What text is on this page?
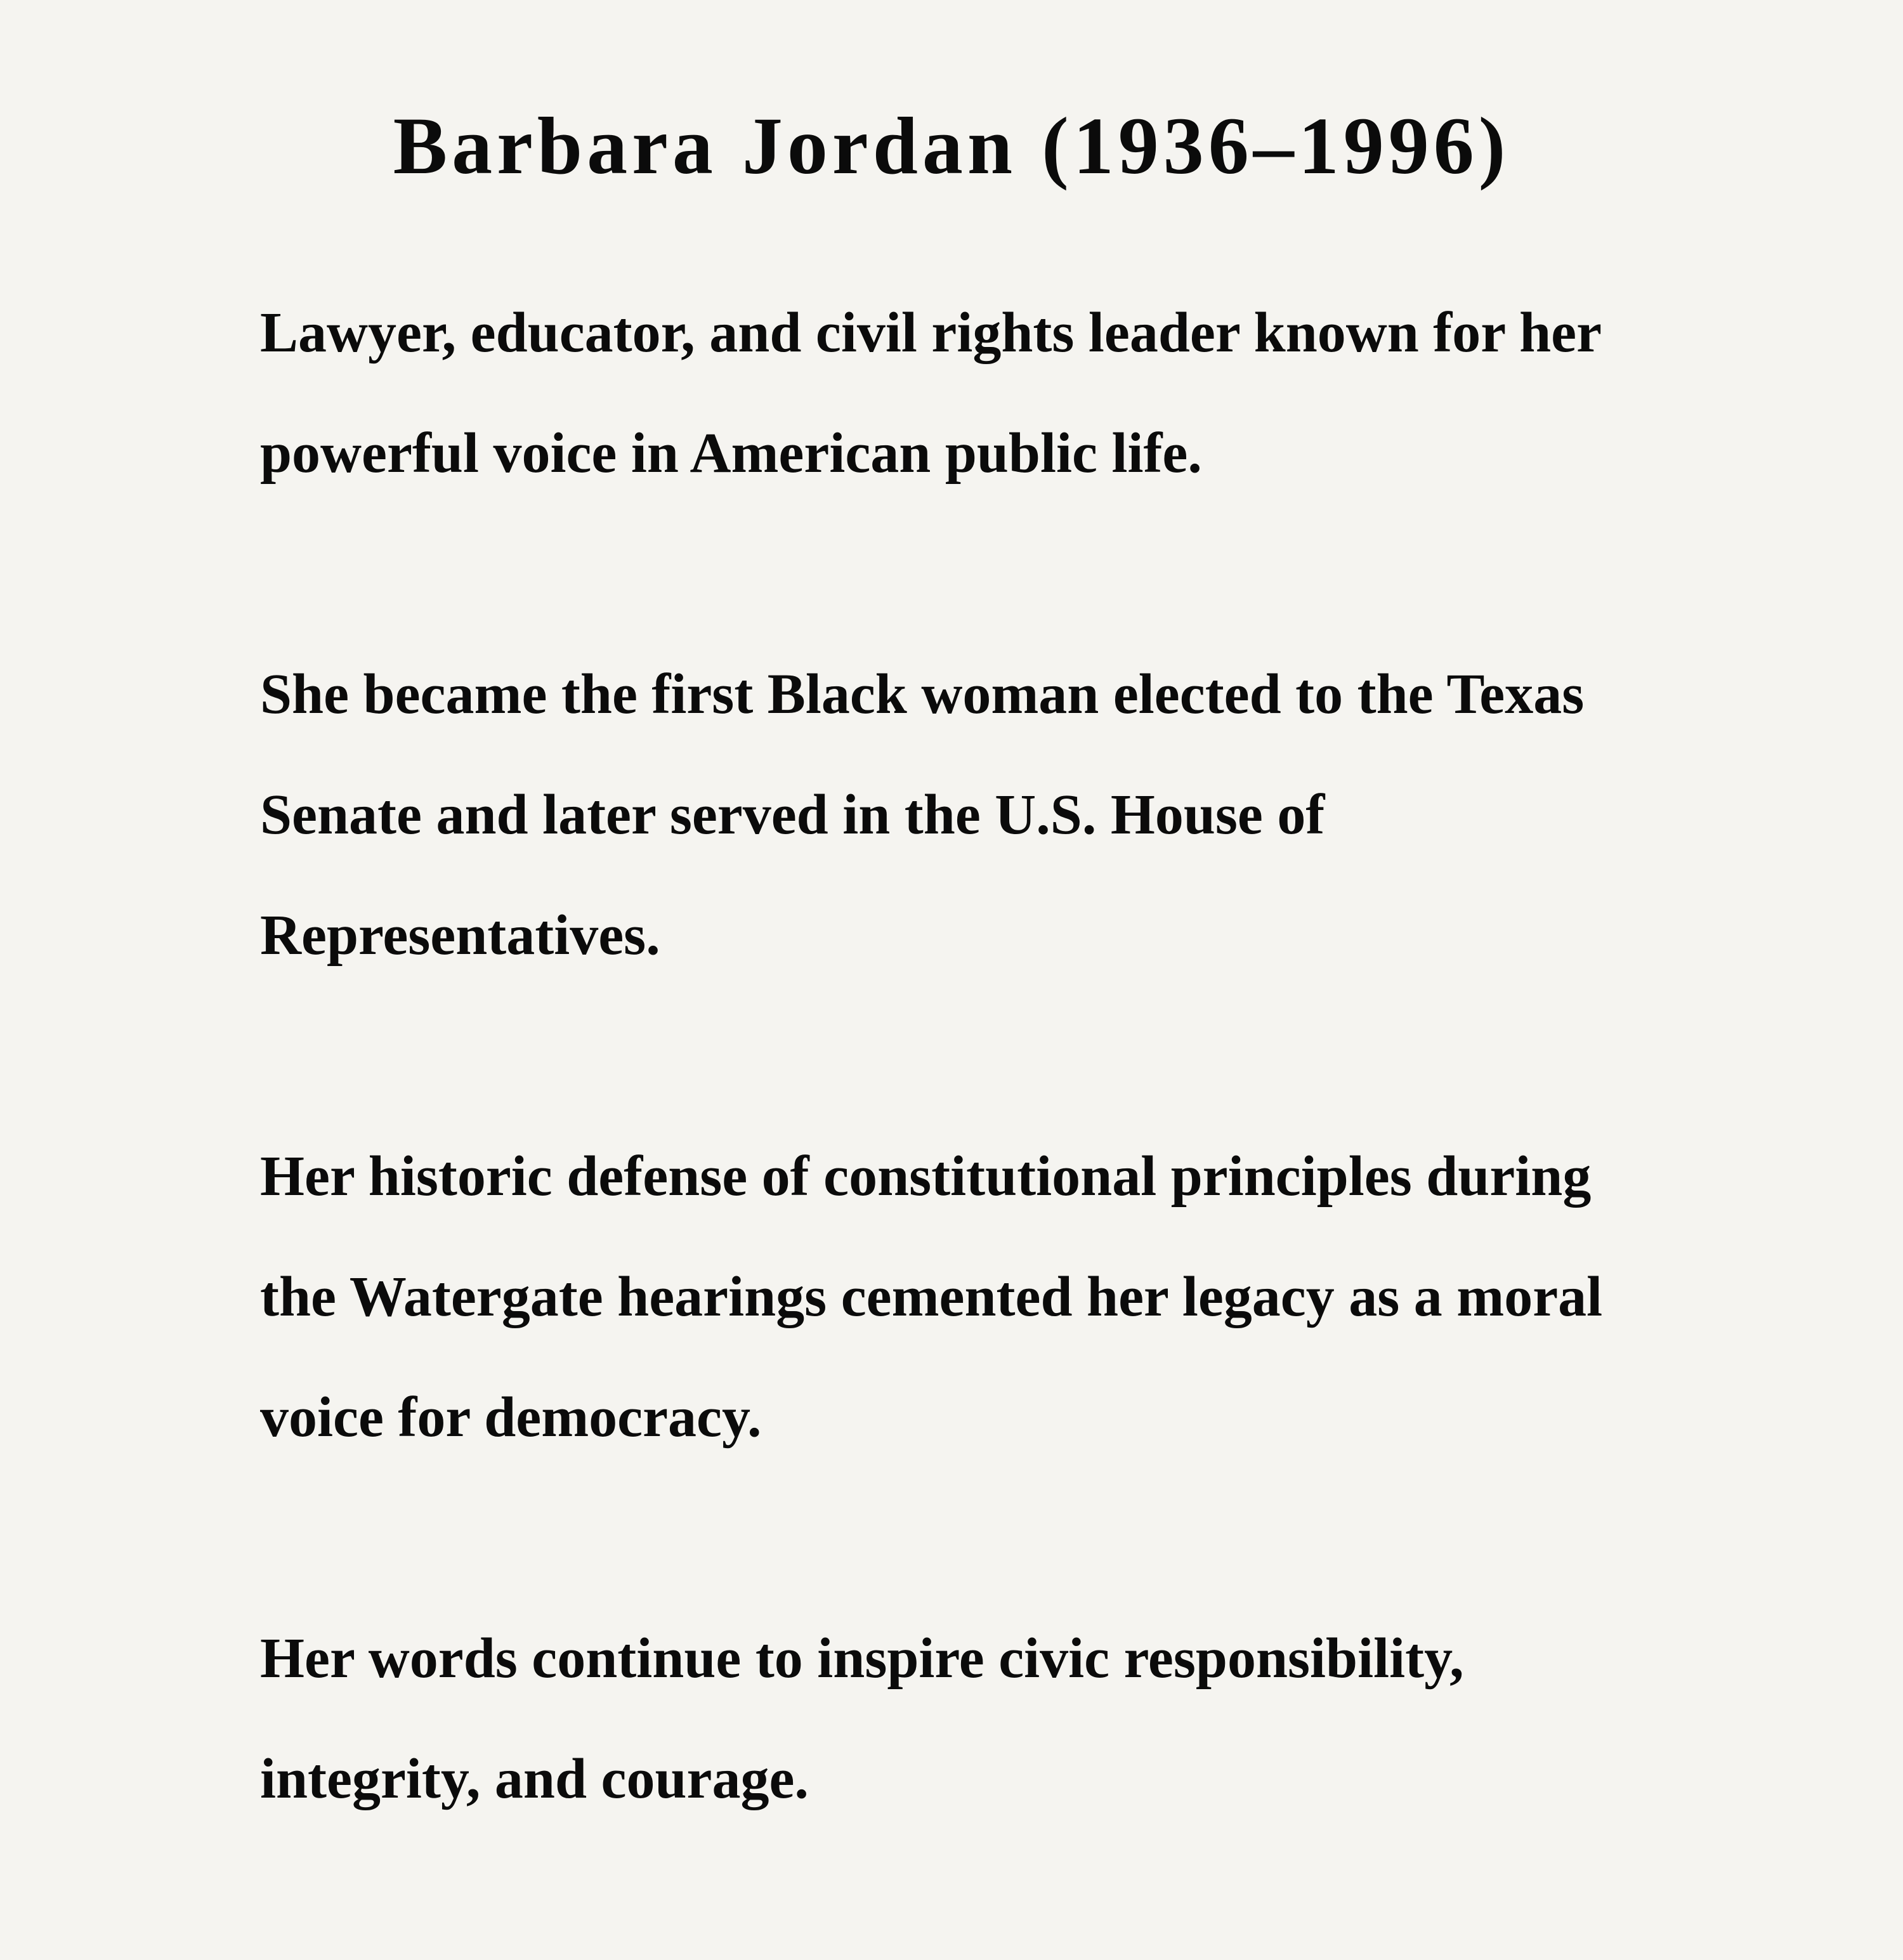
Barbara Jordan (1936–1996)

Lawyer, educator, and civil rights leader known for her powerful voice in American public life.

She became the first Black woman elected to the Texas Senate and later served in the U.S. House of Representatives.

Her historic defense of constitutional principles during the Watergate hearings cemented her legacy as a moral voice for democracy.

Her words continue to inspire civic responsibility, integrity, and courage.
